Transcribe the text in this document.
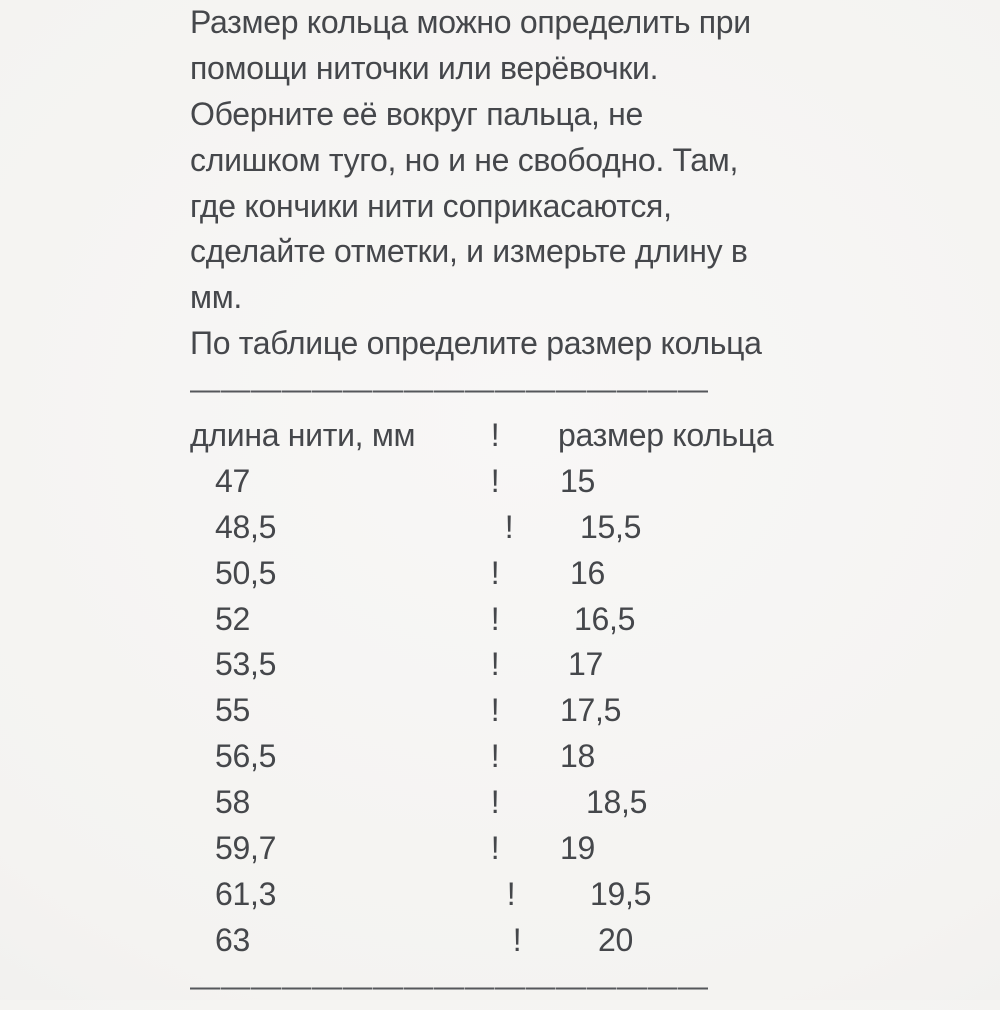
Размер кольца можно определить при
помощи ниточки или верёвочки.
Оберните её вокруг пальца, не
слишком туго, но и не свободно. Там,
где кончики нити соприкасаются,
сделайте отметки, и измерьте длину в
мм.
По таблице определите размер кольца
—————————————————
длина нити, мм	!	размер кольца
47	!	15
48,5	!	15,5
50,5	!	16
52	!	16,5
53,5	!	17
55	!	17,5
56,5	!	18
58	!	18,5
59,7	!	19
61,3	!	19,5
63	!	20
—————————————————
